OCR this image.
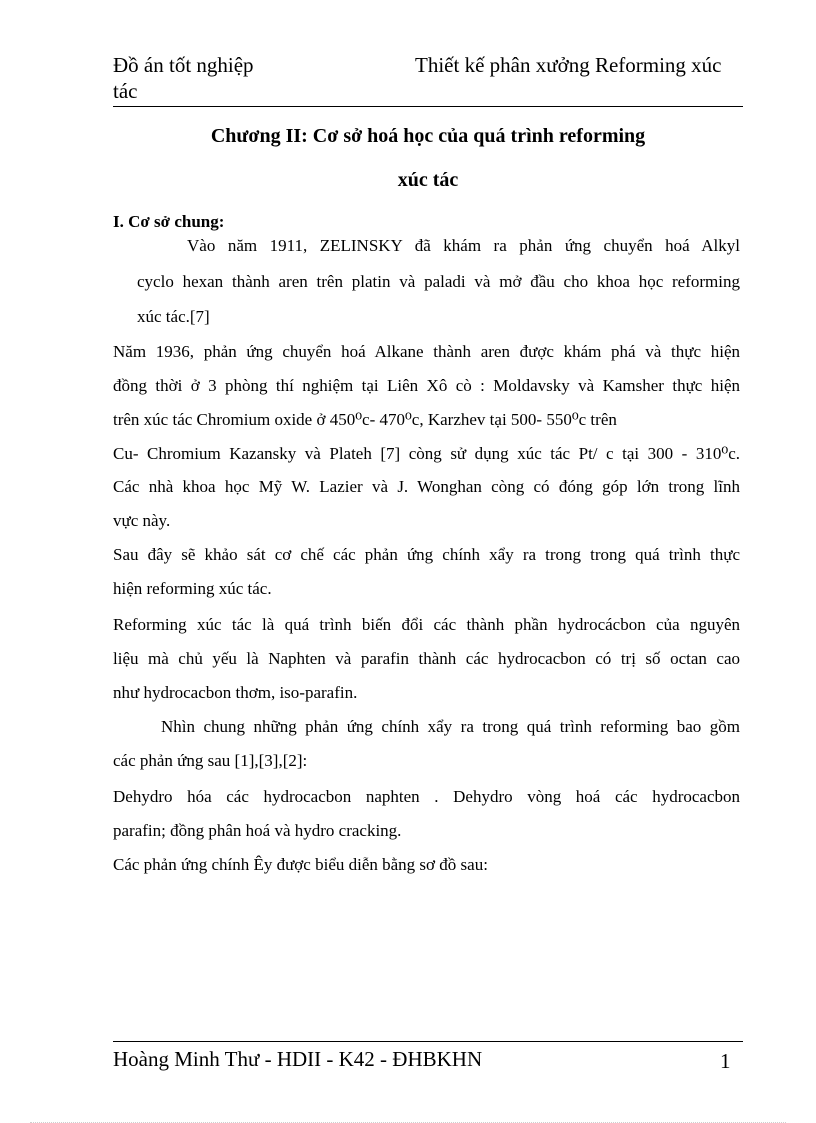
Đồ án tốt nghiệp	Thiết kế phân xưởng Reforming xúc
tác
Chương II: Cơ sở hoá học của quá trình reforming
xúc tác
I. Cơ sở chung:
Vào năm 1911, ZELINSKY đã khám ra phản ứng chuyển hoá Alkyl
cyclo hexan thành aren trên platin và paladi và mở đầu cho khoa học reforming
xúc tác.[7]
Năm 1936, phản ứng chuyển hoá Alkane thành aren được khám phá và thực hiện
đồng thời ở 3 phòng thí nghiệm tại Liên Xô cò : Moldavsky và Kamsher thực hiện
trên xúc tác Chromium oxide ở 450⁰c- 470⁰c, Karzhev tại 500- 550⁰c trên
Cu- Chromium Kazansky và Plateh [7] còng sử dụng xúc tác Pt/ c tại 300 - 310⁰c.
Các nhà khoa học Mỹ W. Lazier và J. Wonghan còng có đóng góp lớn trong lĩnh
vực này.
Sau đây sẽ khảo sát cơ chế các phản ứng chính xẩy ra trong trong quá trình thực
hiện reforming xúc tác.
Reforming xúc tác là quá trình biến đổi các thành phần hydrocácbon của nguyên
liệu mà chủ yếu là Naphten và parafin thành các hydrocacbon có trị số octan cao
như hydrocacbon thơm, iso-parafin.
Nhìn chung những phản ứng chính xẩy ra trong quá trình reforming bao gồm
các phản ứng sau [1],[3],[2]:
Dehydro hóa các hydrocacbon naphten . Dehydro vòng hoá các hydrocacbon
parafin; đồng phân hoá và hydro cracking.
Các phản ứng chính Êy được biểu diễn bằng sơ đồ sau:
Hoàng Minh Thư - HDII - K42 - ĐHBKHN	1
